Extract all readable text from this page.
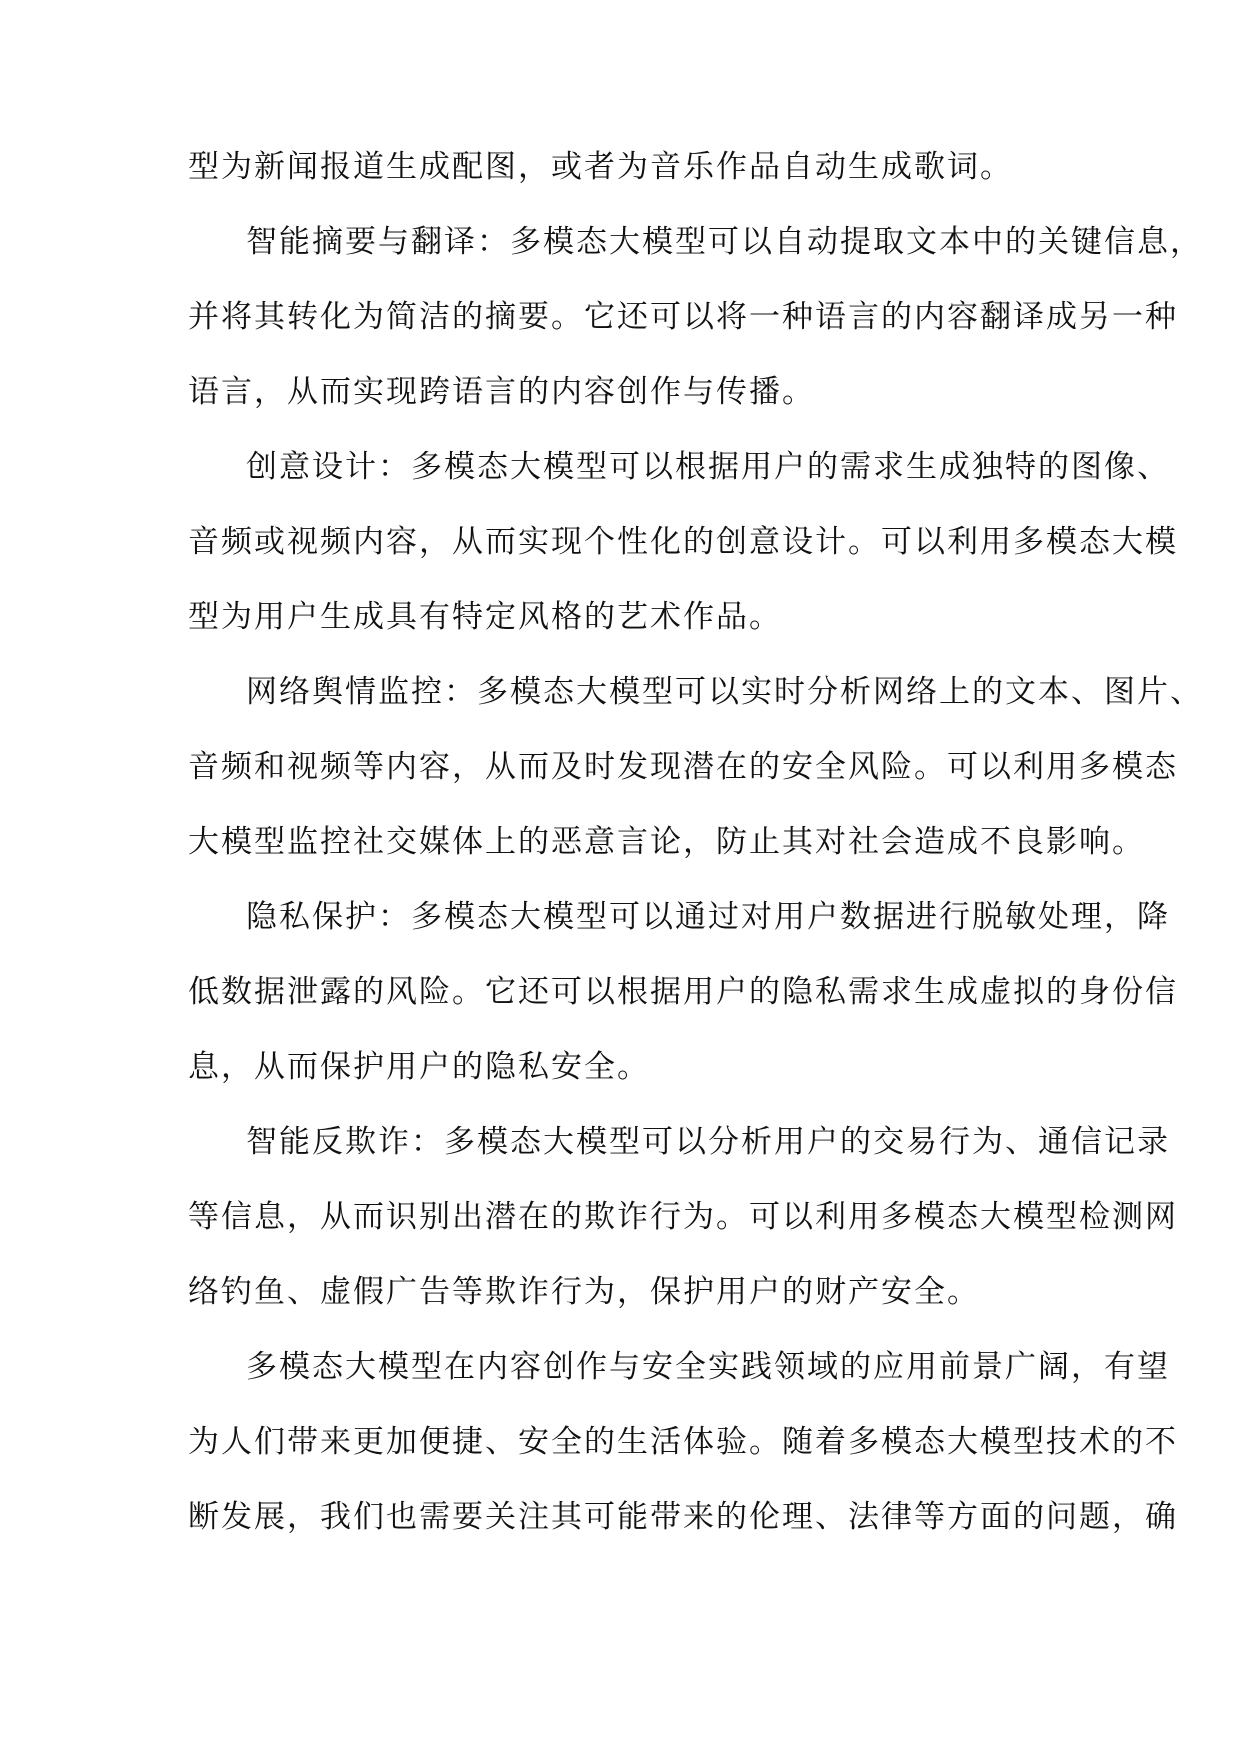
型为新闻报道生成配图，或者为音乐作品自动生成歌词。
智能摘要与翻译：多模态大模型可以自动提取文本中的关键信息，
并将其转化为简洁的摘要。它还可以将一种语言的内容翻译成另一种
语言，从而实现跨语言的内容创作与传播。
创意设计：多模态大模型可以根据用户的需求生成独特的图像、
音频或视频内容，从而实现个性化的创意设计。可以利用多模态大模
型为用户生成具有特定风格的艺术作品。
网络舆情监控：多模态大模型可以实时分析网络上的文本、图片、
音频和视频等内容，从而及时发现潜在的安全风险。可以利用多模态
大模型监控社交媒体上的恶意言论，防止其对社会造成不良影响。
隐私保护：多模态大模型可以通过对用户数据进行脱敏处理，降
低数据泄露的风险。它还可以根据用户的隐私需求生成虚拟的身份信
息，从而保护用户的隐私安全。
智能反欺诈：多模态大模型可以分析用户的交易行为、通信记录
等信息，从而识别出潜在的欺诈行为。可以利用多模态大模型检测网
络钓鱼、虚假广告等欺诈行为，保护用户的财产安全。
多模态大模型在内容创作与安全实践领域的应用前景广阔，有望
为人们带来更加便捷、安全的生活体验。随着多模态大模型技术的不
断发展，我们也需要关注其可能带来的伦理、法律等方面的问题，确
